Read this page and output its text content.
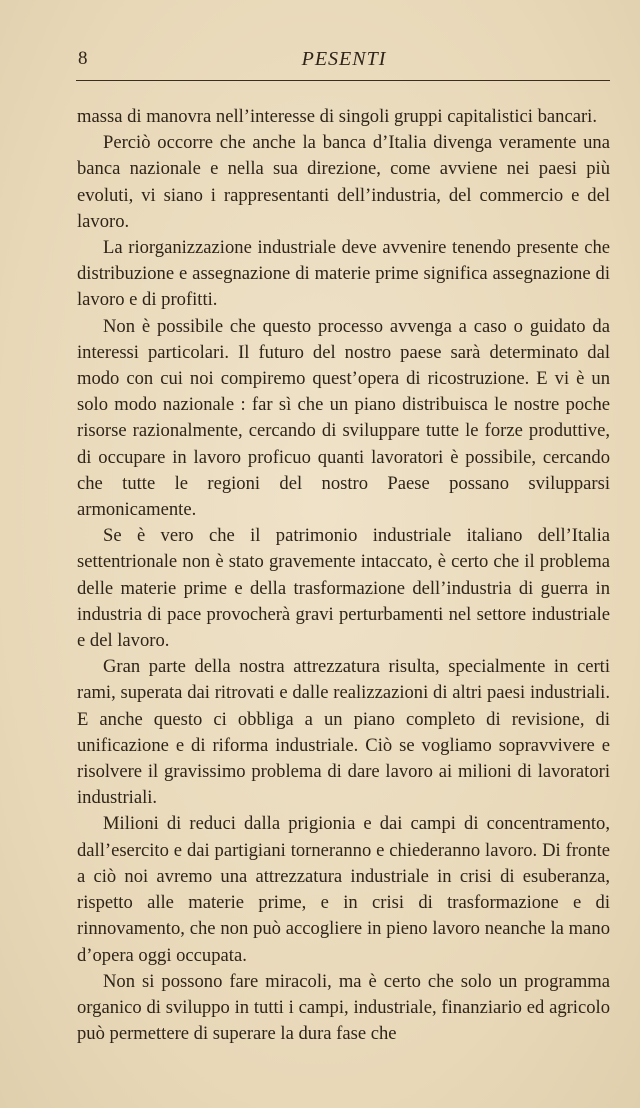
8	PESENTI

massa di manovra nell’interesse di singoli gruppi capitalistici bancari.

Perciò occorre che anche la banca d’Italia divenga veramente una banca nazionale e nella sua direzione, come avviene nei paesi più evoluti, vi siano i rappresentanti dell’industria, del commercio e del lavoro.

La riorganizzazione industriale deve avvenire tenendo presente che distribuzione e assegnazione di materie prime significa assegnazione di lavoro e di profitti.

Non è possibile che questo processo avvenga a caso o guidato da interessi particolari. Il futuro del nostro paese sarà determinato dal modo con cui noi compiremo quest’opera di ricostruzione. E vi è un solo modo nazionale : far sì che un piano distribuisca le nostre poche risorse razionalmente, cercando di sviluppare tutte le forze produttive, di occupare in lavoro proficuo quanti lavoratori è possibile, cercando che tutte le regioni del nostro Paese possano svilupparsi armonicamente.

Se è vero che il patrimonio industriale italiano dell’Italia settentrionale non è stato gravemente intaccato, è certo che il problema delle materie prime e della trasformazione dell’industria di guerra in industria di pace provocherà gravi perturbamenti nel settore industriale e del lavoro.

Gran parte della nostra attrezzatura risulta, specialmente in certi rami, superata dai ritrovati e dalle realizzazioni di altri paesi industriali. E anche questo ci obbliga a un piano completo di revisione, di unificazione e di riforma industriale. Ciò se vogliamo sopravvivere e risolvere il gravissimo problema di dare lavoro ai milioni di lavoratori industriali.

Milioni di reduci dalla prigionia e dai campi di concentramento, dall’esercito e dai partigiani torneranno e chiederanno lavoro. Di fronte a ciò noi avremo una attrezzatura industriale in crisi di esuberanza, rispetto alle materie prime, e in crisi di trasformazione e di rinnovamento, che non può accogliere in pieno lavoro neanche la mano d’opera oggi occupata.

Non si possono fare miracoli, ma è certo che solo un programma organico di sviluppo in tutti i campi, industriale, finanziario ed agricolo può permettere di superare la dura fase che
